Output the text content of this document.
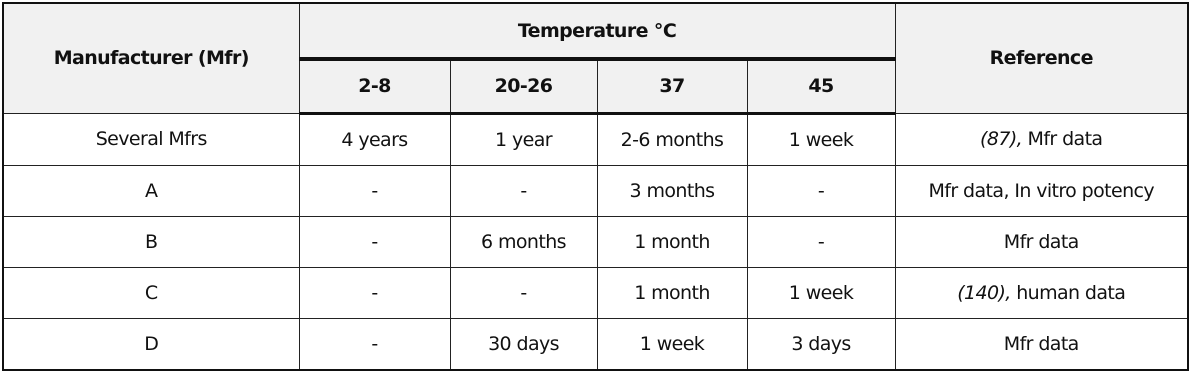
Manufacturer (Mfr)	Temperature °C				Reference
	2-8	20-26	37	45	
Several Mfrs	4 years	1 year	2-6 months	1 week	(87), Mfr data
A	-	-	3 months	-	Mfr data, In vitro potency
B	-	6 months	1 month	-	Mfr data
C	-	-	1 month	1 week	(140), human data
D	-	30 days	1 week	3 days	Mfr data
